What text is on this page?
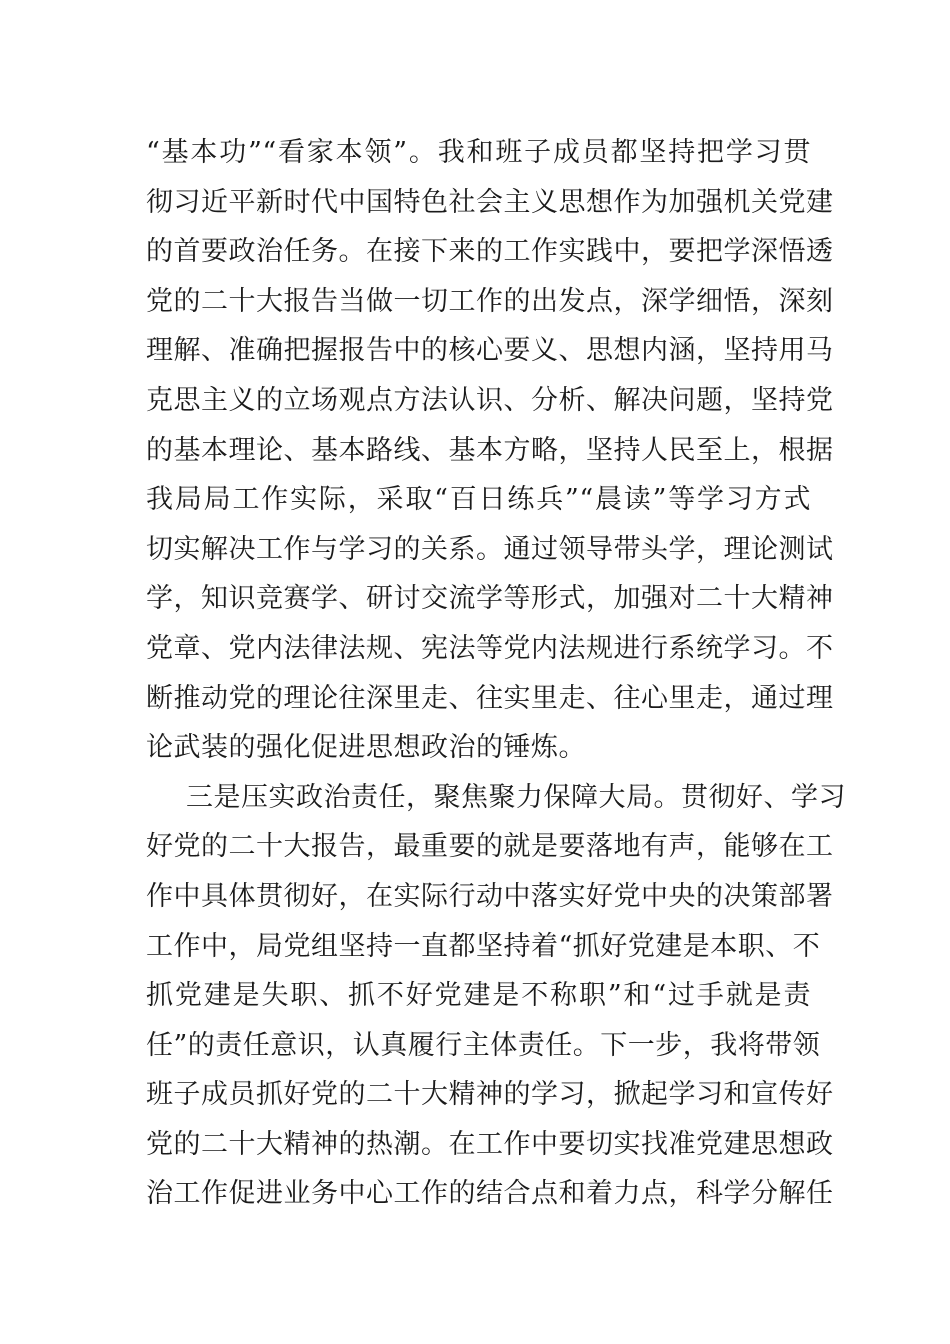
“基本功”“看家本领”。我和班子成员都坚持把学习贯
彻习近平新时代中国特色社会主义思想作为加强机关党建
的首要政治任务。在接下来的工作实践中，要把学深悟透
党的二十大报告当做一切工作的出发点，深学细悟，深刻
理解、准确把握报告中的核心要义、思想内涵，坚持用马
克思主义的立场观点方法认识、分析、解决问题，坚持党
的基本理论、基本路线、基本方略，坚持人民至上，根据
我局局工作实际，采取“百日练兵”“晨读”等学习方式
切实解决工作与学习的关系。通过领导带头学，理论测试
学，知识竞赛学、研讨交流学等形式，加强对二十大精神
党章、党内法律法规、宪法等党内法规进行系统学习。不
断推动党的理论往深里走、往实里走、往心里走，通过理
论武装的强化促进思想政治的锤炼。
三是压实政治责任，聚焦聚力保障大局。贯彻好、学习
好党的二十大报告，最重要的就是要落地有声，能够在工
作中具体贯彻好，在实际行动中落实好党中央的决策部署
工作中，局党组坚持一直都坚持着“抓好党建是本职、不
抓党建是失职、抓不好党建是不称职”和“过手就是责
任”的责任意识，认真履行主体责任。下一步，我将带领
班子成员抓好党的二十大精神的学习，掀起学习和宣传好
党的二十大精神的热潮。在工作中要切实找准党建思想政
治工作促进业务中心工作的结合点和着力点，科学分解任
